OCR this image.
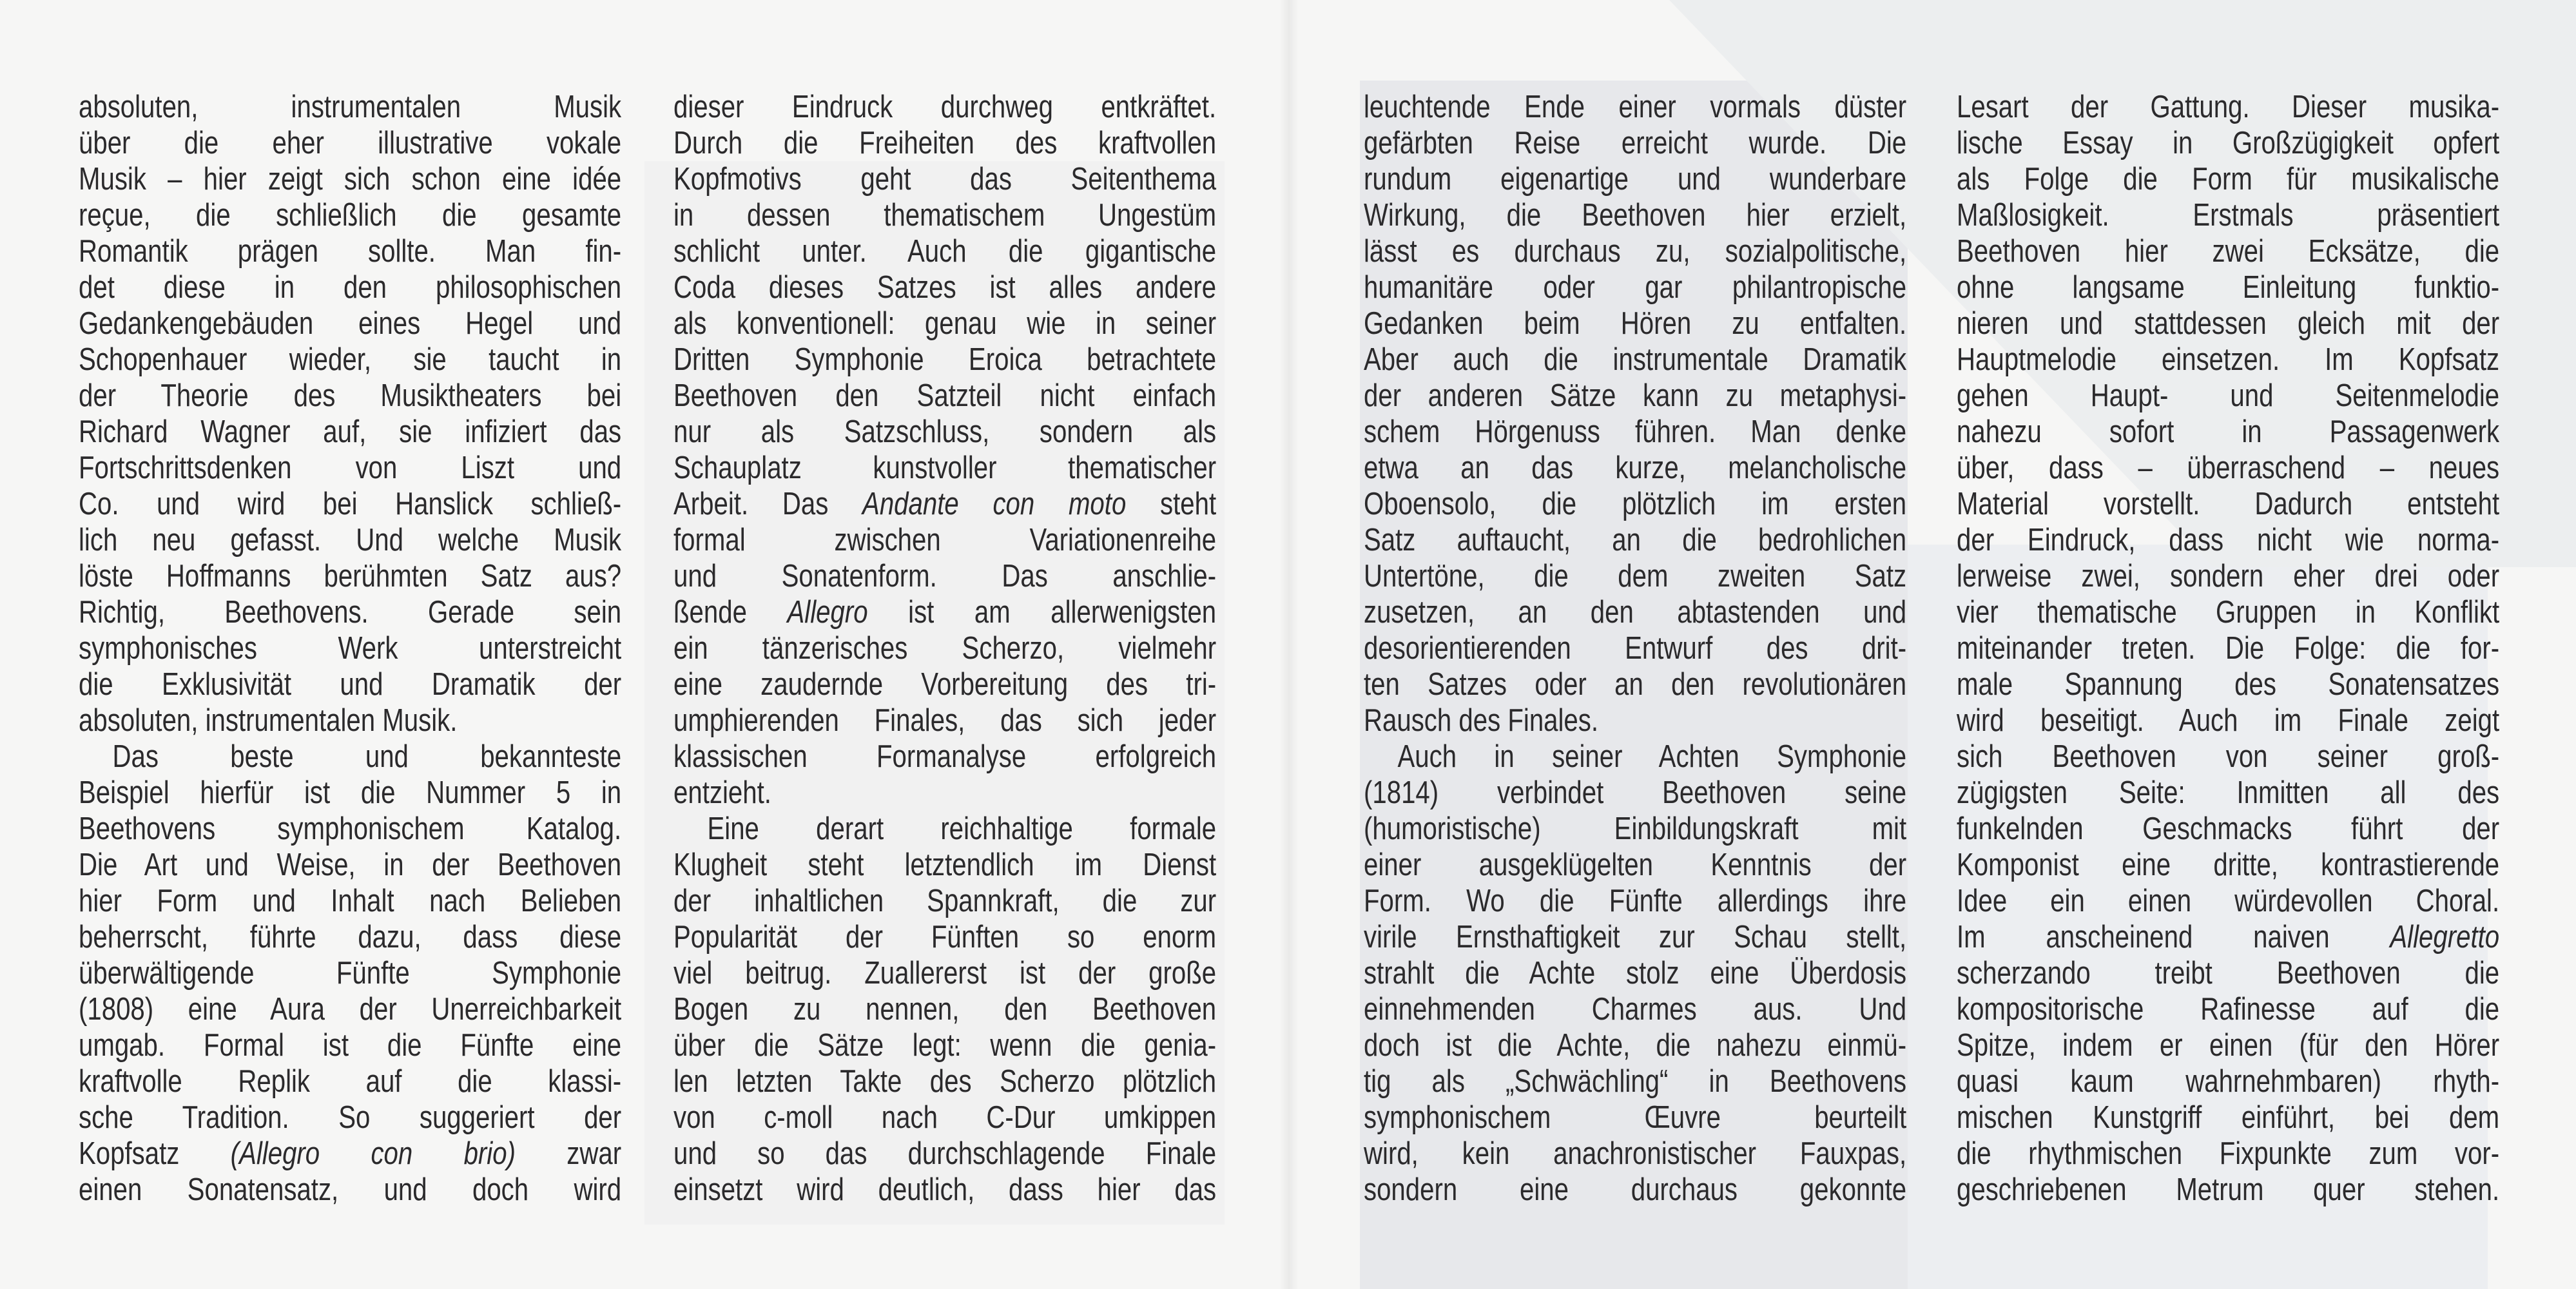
absoluten, instrumentalen Musik
über die eher illustrative vokale
Musik – hier zeigt sich schon eine idée
reçue, die schließlich die gesamte
Romantik prägen sollte. Man fin-
det diese in den philosophischen
Gedankengebäuden eines Hegel und
Schopenhauer wieder, sie taucht in
der Theorie des Musiktheaters bei
Richard Wagner auf, sie infiziert das
Fortschrittsdenken von Liszt und
Co. und wird bei Hanslick schließ-
lich neu gefasst. Und welche Musik
löste Hoffmanns berühmten Satz aus?
Richtig, Beethovens. Gerade sein
symphonisches Werk unterstreicht
die Exklusivität und Dramatik der
absoluten, instrumentalen Musik.
Das beste und bekannteste
Beispiel hierfür ist die Nummer 5 in
Beethovens symphonischem Katalog.
Die Art und Weise, in der Beethoven
hier Form und Inhalt nach Belieben
beherrscht, führte dazu, dass diese
überwältigende Fünfte Symphonie
(1808) eine Aura der Unerreichbarkeit
umgab. Formal ist die Fünfte eine
kraftvolle Replik auf die klassi-
sche Tradition. So suggeriert der
Kopfsatz (Allegro con brio) zwar
einen Sonatensatz, und doch wird
dieser Eindruck durchweg entkräftet.
Durch die Freiheiten des kraftvollen
Kopfmotivs geht das Seitenthema
in dessen thematischem Ungestüm
schlicht unter. Auch die gigantische
Coda dieses Satzes ist alles andere
als konventionell: genau wie in seiner
Dritten Symphonie Eroica betrachtete
Beethoven den Satzteil nicht einfach
nur als Satzschluss, sondern als
Schauplatz kunstvoller thematischer
Arbeit. Das Andante con moto steht
formal zwischen Variationenreihe
und Sonatenform. Das anschlie-
ßende Allegro ist am allerwenigsten
ein tänzerisches Scherzo, vielmehr
eine zaudernde Vorbereitung des tri-
umphierenden Finales, das sich jeder
klassischen Formanalyse erfolgreich
entzieht.
Eine derart reichhaltige formale
Klugheit steht letztendlich im Dienst
der inhaltlichen Spannkraft, die zur
Popularität der Fünften so enorm
viel beitrug. Zuallererst ist der große
Bogen zu nennen, den Beethoven
über die Sätze legt: wenn die genia-
len letzten Takte des Scherzo plötzlich
von c-moll nach C-Dur umkippen
und so das durchschlagende Finale
einsetzt wird deutlich, dass hier das
leuchtende Ende einer vormals düster
gefärbten Reise erreicht wurde. Die
rundum eigenartige und wunderbare
Wirkung, die Beethoven hier erzielt,
lässt es durchaus zu, sozialpolitische,
humanitäre oder gar philantropische
Gedanken beim Hören zu entfalten.
Aber auch die instrumentale Dramatik
der anderen Sätze kann zu metaphysi-
schem Hörgenuss führen. Man denke
etwa an das kurze, melancholische
Oboensolo, die plötzlich im ersten
Satz auftaucht, an die bedrohlichen
Untertöne, die dem zweiten Satz
zusetzen, an den abtastenden und
desorientierenden Entwurf des drit-
ten Satzes oder an den revolutionären
Rausch des Finales.
Auch in seiner Achten Symphonie
(1814) verbindet Beethoven seine
(humoristische) Einbildungskraft mit
einer ausgeklügelten Kenntnis der
Form. Wo die Fünfte allerdings ihre
virile Ernsthaftigkeit zur Schau stellt,
strahlt die Achte stolz eine Überdosis
einnehmenden Charmes aus. Und
doch ist die Achte, die nahezu einmü-
tig als „Schwächling“ in Beethovens
symphonischem Œuvre beurteilt
wird, kein anachronistischer Fauxpas,
sondern eine durchaus gekonnte
Lesart der Gattung. Dieser musika-
lische Essay in Großzügigkeit opfert
als Folge die Form für musikalische
Maßlosigkeit. Erstmals präsentiert
Beethoven hier zwei Ecksätze, die
ohne langsame Einleitung funktio-
nieren und stattdessen gleich mit der
Hauptmelodie einsetzen. Im Kopfsatz
gehen Haupt- und Seitenmelodie
nahezu sofort in Passagenwerk
über, dass – überraschend – neues
Material vorstellt. Dadurch entsteht
der Eindruck, dass nicht wie norma-
lerweise zwei, sondern eher drei oder
vier thematische Gruppen in Konflikt
miteinander treten. Die Folge: die for-
male Spannung des Sonatensatzes
wird beseitigt. Auch im Finale zeigt
sich Beethoven von seiner groß-
zügigsten Seite: Inmitten all des
funkelnden Geschmacks führt der
Komponist eine dritte, kontrastierende
Idee ein einen würdevollen Choral.
Im anscheinend naiven Allegretto
scherzando treibt Beethoven die
kompositorische Rafinesse auf die
Spitze, indem er einen (für den Hörer
quasi kaum wahrnehmbaren) rhyth-
mischen Kunstgriff einführt, bei dem
die rhythmischen Fixpunkte zum vor-
geschriebenen Metrum quer stehen.
